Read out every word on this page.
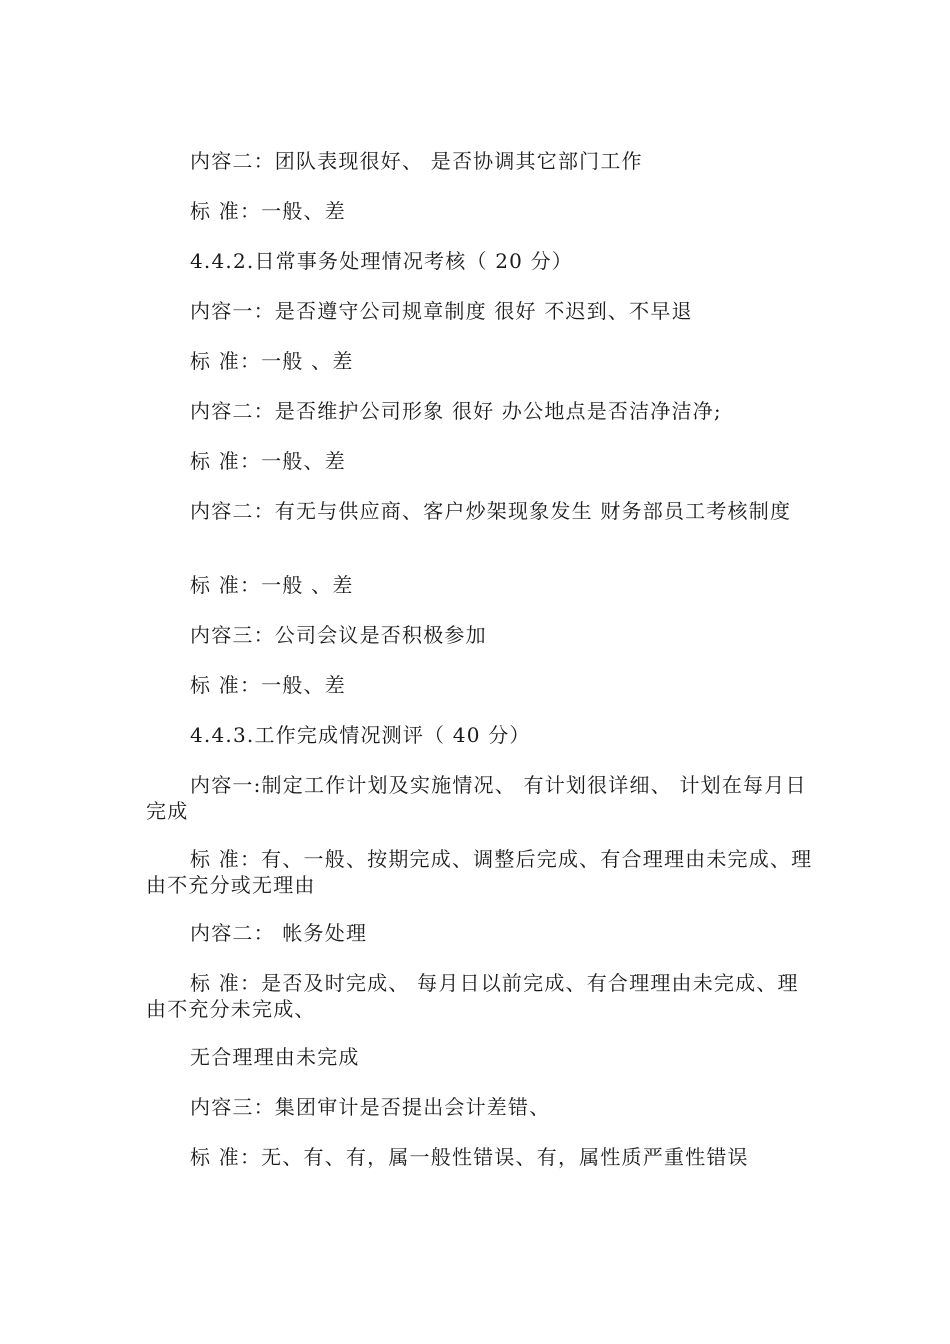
内容二：团队表现很好、 是否协调其它部门工作

标 准：一般、差

4.4.2.日常事务处理情况考核（ 20 分）

内容一：是否遵守公司规章制度 很好 不迟到、不早退

标 准：一般 、差

内容二：是否维护公司形象 很好 办公地点是否洁净洁净;

标 准：一般、差

内容二：有无与供应商、客户炒架现象发生 财务部员工考核制度

标 准：一般 、差

内容三：公司会议是否积极参加

标 准：一般、差

4.4.3.工作完成情况测评（ 40 分）

内容一:制定工作计划及实施情况、 有计划很详细、 计划在每月日完成

标 准：有、一般、按期完成、调整后完成、有合理理由未完成、理由不充分或无理由

内容二： 帐务处理

标 准：是否及时完成、 每月日以前完成、有合理理由未完成、理由不充分未完成、

无合理理由未完成

内容三：集团审计是否提出会计差错、

标 准：无、有、有，属一般性错误、有，属性质严重性错误
